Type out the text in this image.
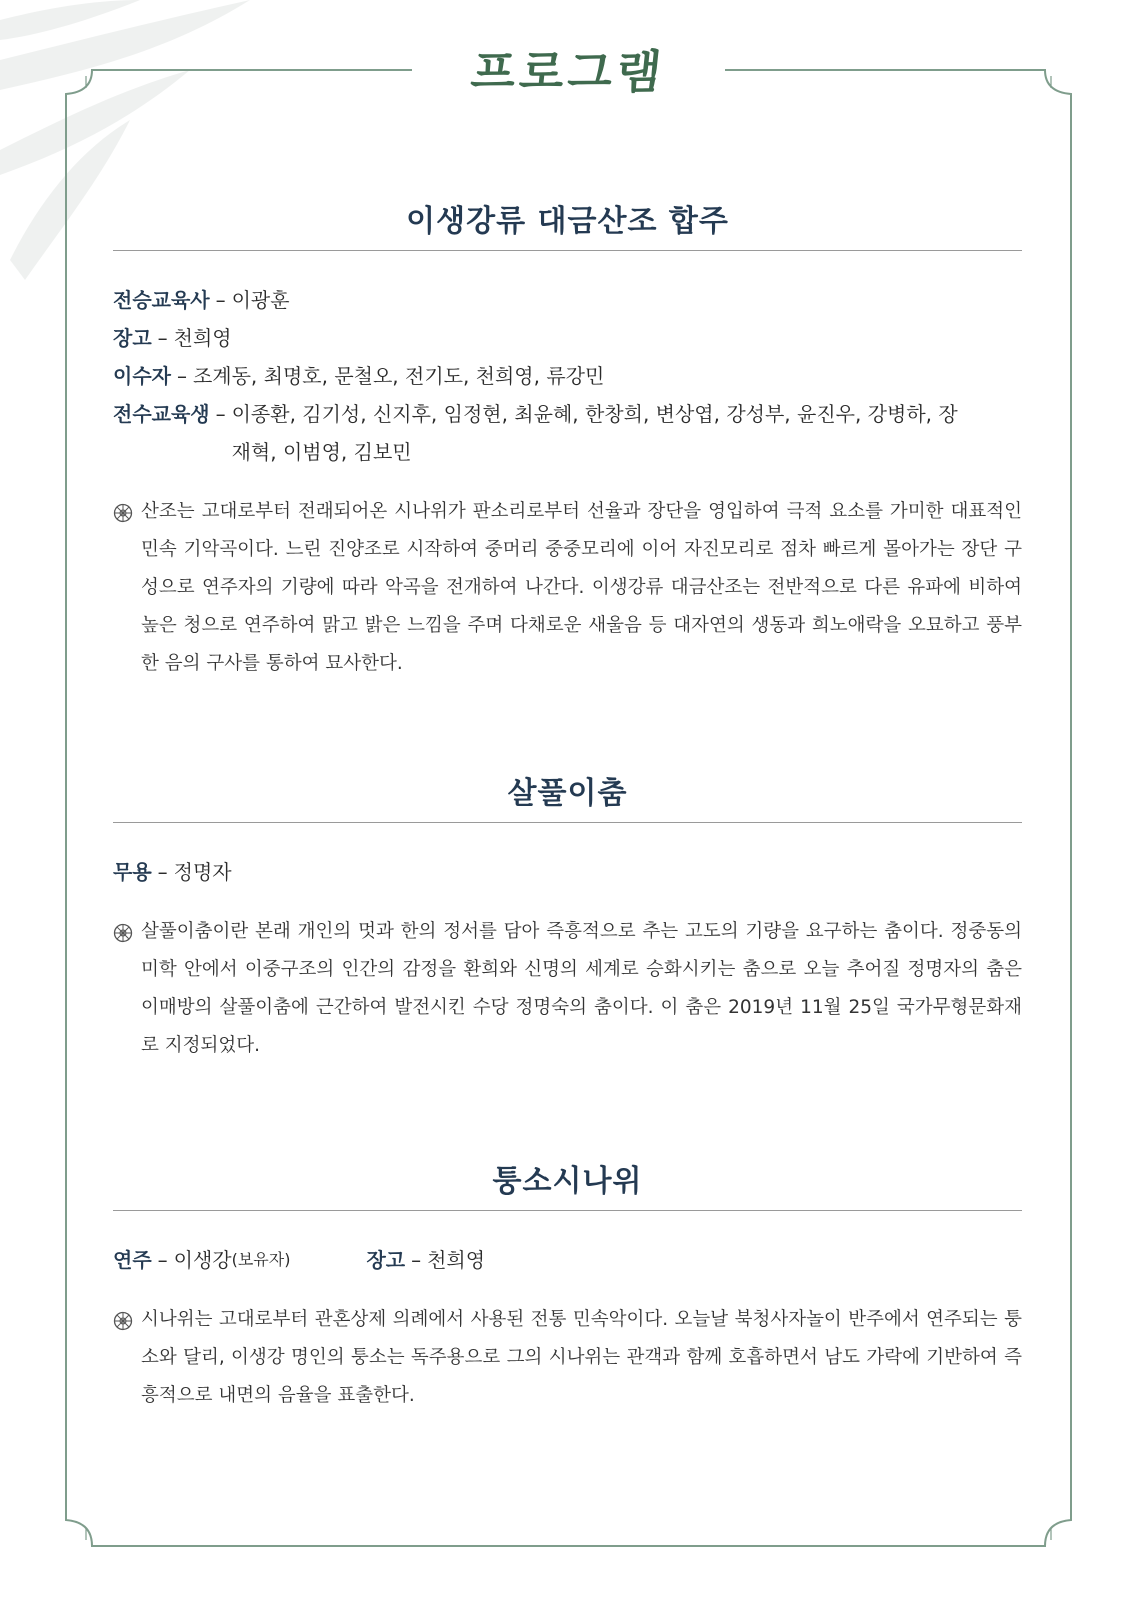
프로그램
이생강류 대금산조 합주
전승교육사 – 이광훈
장고 – 천희영
이수자 – 조계동, 최명호, 문철오, 전기도, 천희영, 류강민
전수교육생 – 이종환, 김기성, 신지후, 임정현, 최윤혜, 한창희, 변상엽, 강성부, 윤진우, 강병하, 장재혁, 이범영, 김보민
산조는 고대로부터 전래되어온 시나위가 판소리로부터 선율과 장단을 영입하여 극적 요소를 가미한 대표적인 민속 기악곡이다. 느린 진양조로 시작하여 중머리 중중모리에 이어 자진모리로 점차 빠르게 몰아가는 장단 구성으로 연주자의 기량에 따라 악곡을 전개하여 나간다. 이생강류 대금산조는 전반적으로 다른 유파에 비하여 높은 청으로 연주하여 맑고 밝은 느낌을 주며 다채로운 새울음 등 대자연의 생동과 희노애락을 오묘하고 풍부한 음의 구사를 통하여 묘사한다.
살풀이춤
무용 – 정명자
살풀이춤이란 본래 개인의 멋과 한의 정서를 담아 즉흥적으로 추는 고도의 기량을 요구하는 춤이다. 정중동의 미학 안에서 이중구조의 인간의 감정을 환희와 신명의 세계로 승화시키는 춤으로 오늘 추어질 정명자의 춤은 이매방의 살풀이춤에 근간하여 발전시킨 수당 정명숙의 춤이다. 이 춤은 2019년 11월 25일 국가무형문화재로 지정되었다.
퉁소시나위
연주 – 이생강 (보유자)	장고 – 천희영
시나위는 고대로부터 관혼상제 의례에서 사용된 전통 민속악이다. 오늘날 북청사자놀이 반주에서 연주되는 퉁소와 달리, 이생강 명인의 퉁소는 독주용으로 그의 시나위는 관객과 함께 호흡하면서 남도 가락에 기반하여 즉흥적으로 내면의 음율을 표출한다.
